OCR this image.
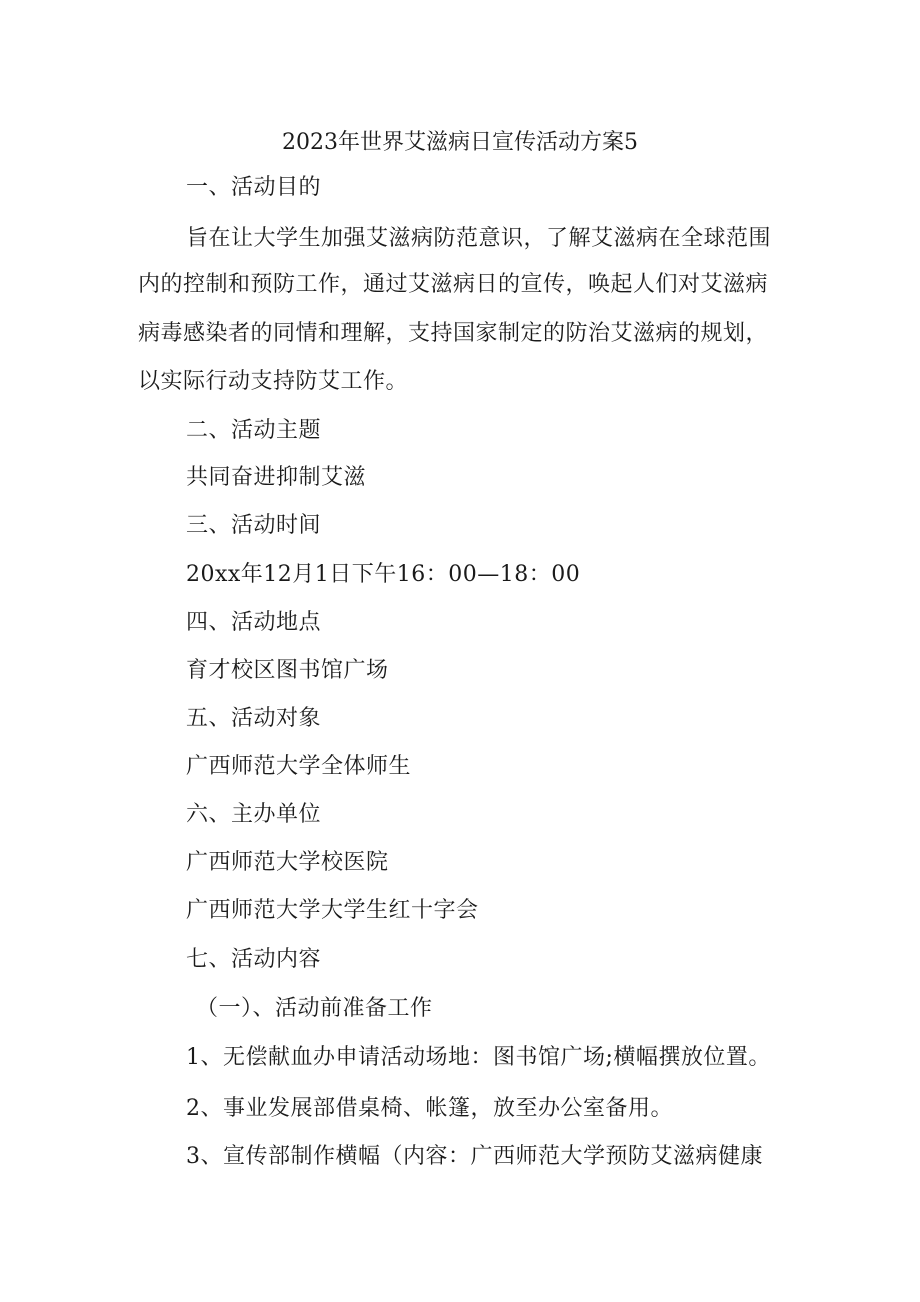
2023年世界艾滋病日宣传活动方案5
一、活动目的
旨在让大学生加强艾滋病防范意识，了解艾滋病在全球范围
内的控制和预防工作，通过艾滋病日的宣传，唤起人们对艾滋病
病毒感染者的同情和理解，支持国家制定的防治艾滋病的规划，
以实际行动支持防艾工作。
二、活动主题
共同奋进抑制艾滋
三、活动时间
20xx年12月1日下午16：00—18：00
四、活动地点
育才校区图书馆广场
五、活动对象
广西师范大学全体师生
六、主办单位
广西师范大学校医院
广西师范大学大学生红十字会
七、活动内容
（一）、活动前准备工作
1、无偿献血办申请活动场地：图书馆广场;横幅撰放位置。
2、事业发展部借桌椅、帐篷，放至办公室备用。
3、宣传部制作横幅（内容：广西师范大学预防艾滋病健康
